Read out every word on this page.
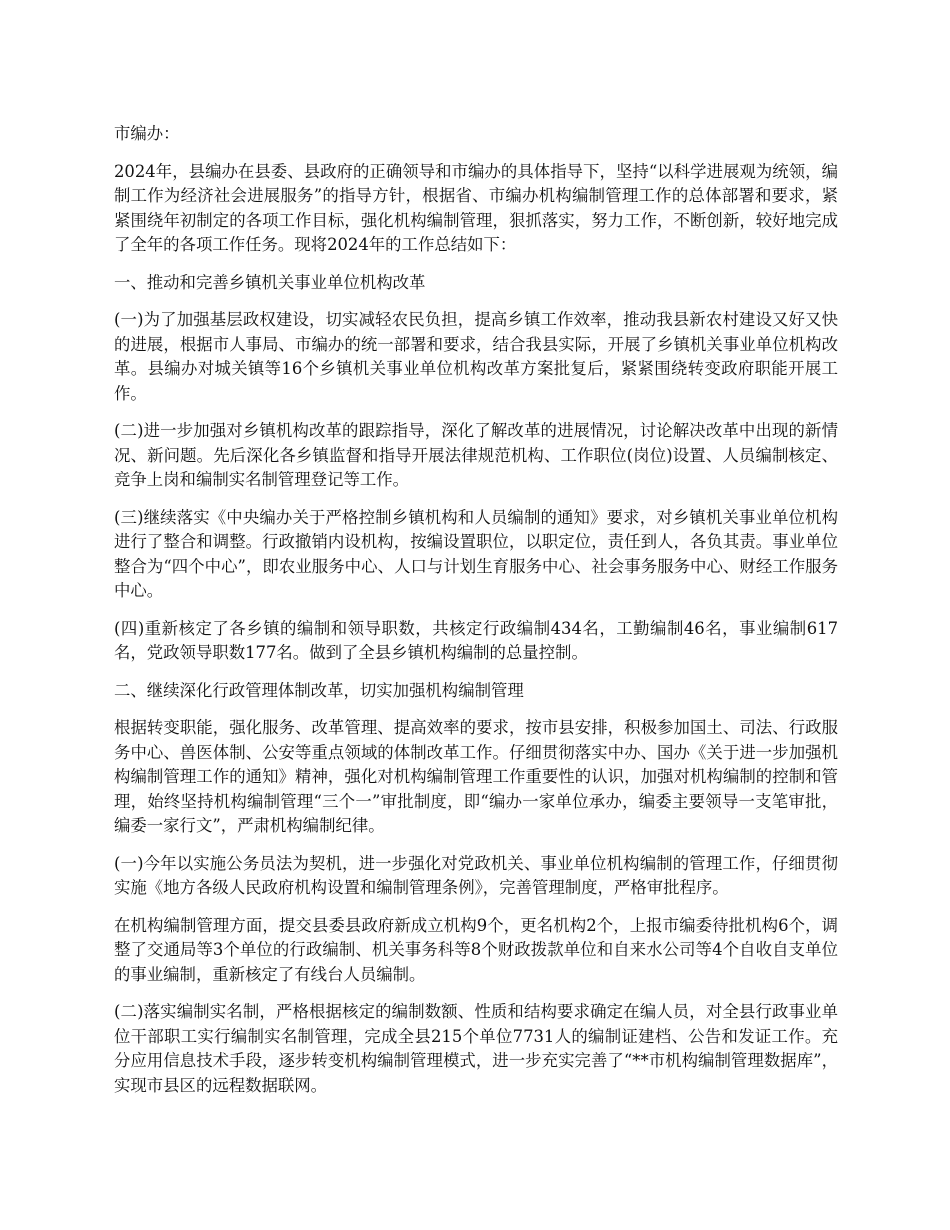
市编办：

2024年，县编办在县委、县政府的正确领导和市编办的具体指导下，坚持“以科学进展观为统领，编制工作为经济社会进展服务”的指导方针，根据省、市编办机构编制管理工作的总体部署和要求，紧紧围绕年初制定的各项工作目标，强化机构编制管理，狠抓落实，努力工作，不断创新，较好地完成了全年的各项工作任务。现将2024年的工作总结如下：

一、推动和完善乡镇机关事业单位机构改革

(一)为了加强基层政权建设，切实减轻农民负担，提高乡镇工作效率，推动我县新农村建设又好又快的进展，根据市人事局、市编办的统一部署和要求，结合我县实际，开展了乡镇机关事业单位机构改革。县编办对城关镇等16个乡镇机关事业单位机构改革方案批复后，紧紧围绕转变政府职能开展工作。

(二)进一步加强对乡镇机构改革的跟踪指导，深化了解改革的进展情况，讨论解决改革中出现的新情况、新问题。先后深化各乡镇监督和指导开展法律规范机构、工作职位(岗位)设置、人员编制核定、竞争上岗和编制实名制管理登记等工作。

(三)继续落实《中央编办关于严格控制乡镇机构和人员编制的通知》要求，对乡镇机关事业单位机构进行了整合和调整。行政撤销内设机构，按编设置职位，以职定位，责任到人，各负其责。事业单位整合为“四个中心”，即农业服务中心、人口与计划生育服务中心、社会事务服务中心、财经工作服务中心。

(四)重新核定了各乡镇的编制和领导职数，共核定行政编制434名，工勤编制46名，事业编制617名，党政领导职数177名。做到了全县乡镇机构编制的总量控制。

二、继续深化行政管理体制改革，切实加强机构编制管理

根据转变职能，强化服务、改革管理、提高效率的要求，按市县安排，积极参加国土、司法、行政服务中心、兽医体制、公安等重点领域的体制改革工作。仔细贯彻落实中办、国办《关于进一步加强机构编制管理工作的通知》精神，强化对机构编制管理工作重要性的认识，加强对机构编制的控制和管理，始终坚持机构编制管理“三个一”审批制度，即“编办一家单位承办，编委主要领导一支笔审批，编委一家行文”，严肃机构编制纪律。

(一)今年以实施公务员法为契机，进一步强化对党政机关、事业单位机构编制的管理工作，仔细贯彻实施《地方各级人民政府机构设置和编制管理条例》，完善管理制度，严格审批程序。

在机构编制管理方面，提交县委县政府新成立机构9个，更名机构2个，上报市编委待批机构6个，调整了交通局等3个单位的行政编制、机关事务科等8个财政拨款单位和自来水公司等4个自收自支单位的事业编制，重新核定了有线台人员编制。

(二)落实编制实名制，严格根据核定的编制数额、性质和结构要求确定在编人员，对全县行政事业单位干部职工实行编制实名制管理，完成全县215个单位7731人的编制证建档、公告和发证工作。充分应用信息技术手段，逐步转变机构编制管理模式，进一步充实完善了“**市机构编制管理数据库”，实现市县区的远程数据联网。
